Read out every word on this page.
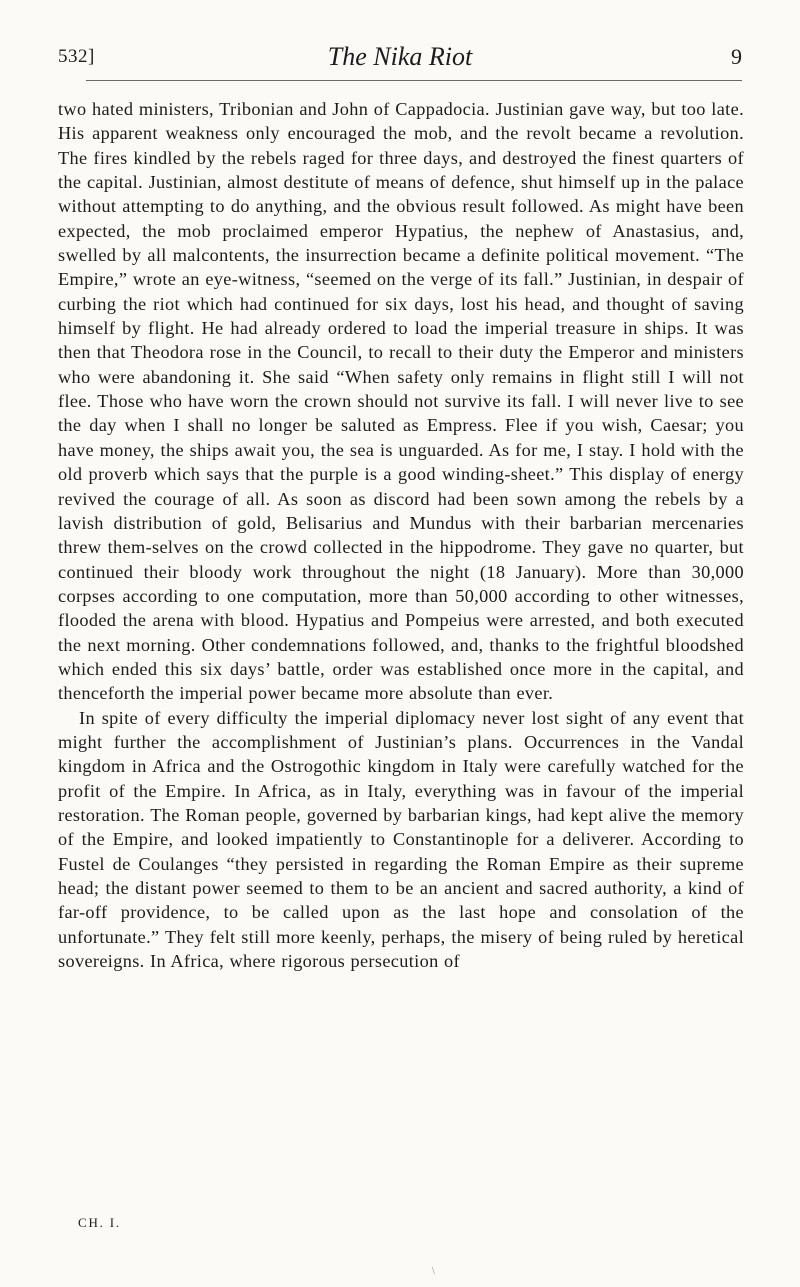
532]	The Nika Riot	9

two hated ministers, Tribonian and John of Cappadocia. Justinian gave way, but too late. His apparent weakness only encouraged the mob, and the revolt became a revolution. The fires kindled by the rebels raged for three days, and destroyed the finest quarters of the capital. Justinian, almost destitute of means of defence, shut himself up in the palace without attempting to do anything, and the obvious result followed. As might have been expected, the mob proclaimed emperor Hypatius, the nephew of Anastasius, and, swelled by all malcontents, the insurrection became a definite political movement. “The Empire,” wrote an eye-witness, “seemed on the verge of its fall.” Justinian, in despair of curbing the riot which had continued for six days, lost his head, and thought of saving himself by flight. He had already ordered to load the imperial treasure in ships. It was then that Theodora rose in the Council, to recall to their duty the Emperor and ministers who were abandoning it. She said “When safety only remains in flight still I will not flee. Those who have worn the crown should not survive its fall. I will never live to see the day when I shall no longer be saluted as Empress. Flee if you wish, Caesar; you have money, the ships await you, the sea is unguarded. As for me, I stay. I hold with the old proverb which says that the purple is a good winding-sheet.” This display of energy revived the courage of all. As soon as discord had been sown among the rebels by a lavish distribution of gold, Belisarius and Mundus with their barbarian mercenaries threw them-selves on the crowd collected in the hippodrome. They gave no quarter, but continued their bloody work throughout the night (18 January). More than 30,000 corpses according to one computation, more than 50,000 according to other witnesses, flooded the arena with blood. Hypatius and Pompeius were arrested, and both executed the next morning. Other condemnations followed, and, thanks to the frightful bloodshed which ended this six days’ battle, order was established once more in the capital, and thenceforth the imperial power became more absolute than ever.

In spite of every difficulty the imperial diplomacy never lost sight of any event that might further the accomplishment of Justinian’s plans. Occurrences in the Vandal kingdom in Africa and the Ostrogothic kingdom in Italy were carefully watched for the profit of the Empire. In Africa, as in Italy, everything was in favour of the imperial restoration. The Roman people, governed by barbarian kings, had kept alive the memory of the Empire, and looked impatiently to Constantinople for a deliverer. According to Fustel de Coulanges “they persisted in regarding the Roman Empire as their supreme head; the distant power seemed to them to be an ancient and sacred authority, a kind of far-off providence, to be called upon as the last hope and consolation of the unfortunate.” They felt still more keenly, perhaps, the misery of being ruled by heretical sovereigns. In Africa, where rigorous persecution of

CH. I.
\
